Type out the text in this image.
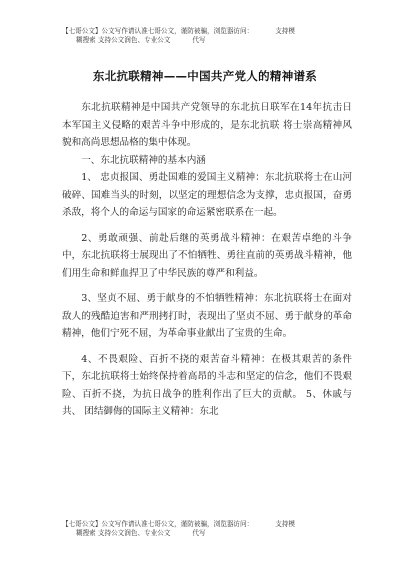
【七哥公文】公文写作请认准七哥公文，谨防被骗，浏览器访问：	支持模
糊搜索 支持公文润色、专业公文	代写
东北抗联精神——中国共产党人的精神谱系

东北抗联精神是中国共产党领导的东北抗日联军在14年抗击日本军国主义侵略的艰苦斗争中形成的，是东北抗联 将士崇高精神风貌和高尚思想品格的集中体现。

一、东北抗联精神的基本内涵

1、 忠贞报国、勇赴国难的爱国主义精神：东北抗联将士在山河破碎、国难当头的时刻，以坚定的理想信念为支撑，忠贞报国，奋勇杀敌，将个人的命运与国家的命运紧密联系在一起。

2、勇敢顽强、前赴后继的英勇战斗精神：在艰苦卓绝的斗争中，东北抗联将士展现出了不怕牺牲、勇往直前的英勇战斗精神，他们用生命和鲜血捍卫了中华民族的尊严和利益。

3、坚贞不屈、勇于献身的不怕牺牲精神：东北抗联将士在面对敌人的残酷迫害和严刑拷打时，表现出了坚贞不屈、勇于献身的革命精神，他们宁死不屈，为革命事业献出了宝贵的生命。

4、不畏艰险、百折不挠的艰苦奋斗精神：在极其艰苦的条件下，东北抗联将士始终保持着高昂的斗志和坚定的信念，他们不畏艰险、百折不挠，为抗日战争的胜利作出了巨大的贡献。 5、休戚与共、 团结御侮的国际主义精神：东北

【七哥公文】公文写作请认准七哥公文，谨防被骗，浏览器访问：	支持模
糊搜索 支持公文润色、专业公文	代写
